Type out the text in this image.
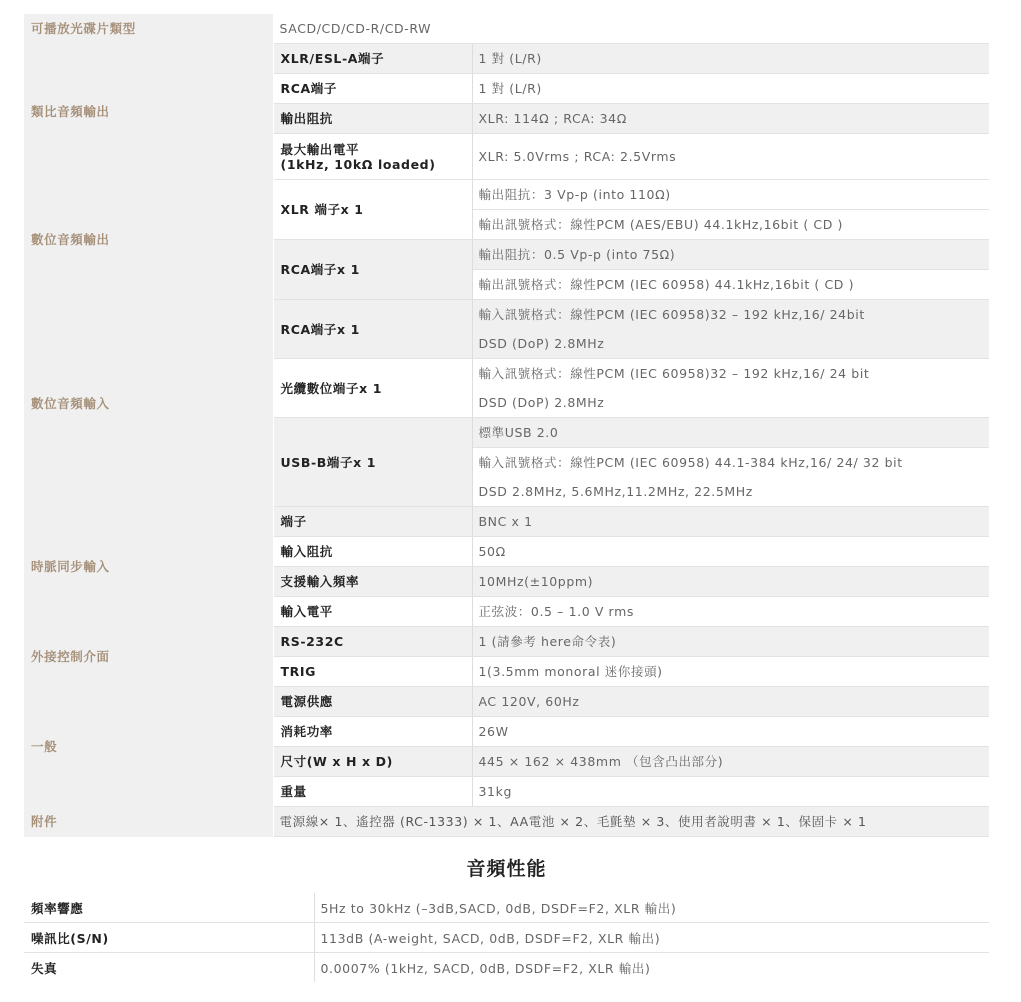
可播放光碟片類型	SACD/CD/CD-R/CD-RW	
類比音頻輸出	XLR/ESL-A端子	1 對 (L/R)
	RCA端子	1 對 (L/R)
	輸出阻抗	XLR: 114Ω ; RCA: 34Ω
	最大輸出電平
(1kHz, 10kΩ loaded)	XLR: 5.0Vrms ; RCA: 2.5Vrms
數位音頻輸出	XLR 端子x 1	輸出阻抗：3 Vp-p (into 110Ω)
		輸出訊號格式：線性PCM (AES/EBU) 44.1kHz,16bit ( CD )
	RCA端子x 1	輸出阻抗：0.5 Vp-p (into 75Ω)
		輸出訊號格式：線性PCM (IEC 60958) 44.1kHz,16bit ( CD )
數位音頻輸入	RCA端子x 1	輸入訊號格式：線性PCM (IEC 60958)32 – 192 kHz,16/ 24bit
		DSD (DoP) 2.8MHz
	光纜數位端子x 1	輸入訊號格式：線性PCM (IEC 60958)32 – 192 kHz,16/ 24 bit
		DSD (DoP) 2.8MHz
	USB-B端子x 1	標準USB 2.0
		輸入訊號格式：線性PCM (IEC 60958) 44.1-384 kHz,16/ 24/ 32 bit
		DSD 2.8MHz, 5.6MHz,11.2MHz, 22.5MHz
時脈同步輸入	端子	BNC x 1
	輸入阻抗	50Ω
	支援輸入頻率	10MHz(±10ppm)
	輸入電平	正弦波：0.5 – 1.0 V rms
外接控制介面	RS-232C	1 (請參考 here命令表)
	TRIG	1(3.5mm monoral 迷你接頭)
一般	電源供應	AC 120V, 60Hz
	消耗功率	26W
	尺寸(W x H x D)	445 × 162 × 438mm （包含凸出部分)
	重量	31kg
附件	電源線× 1、遙控器 (RC-1333) × 1、AA電池 × 2、毛氈墊 × 3、使用者說明書 × 1、保固卡 × 1	
音頻性能
頻率響應	5Hz to 30kHz (–3dB,SACD, 0dB, DSDF=F2, XLR 輸出)
噪訊比(S/N)	113dB (A-weight, SACD, 0dB, DSDF=F2, XLR 輸出)
失真	0.0007% (1kHz, SACD, 0dB, DSDF=F2, XLR 輸出)
